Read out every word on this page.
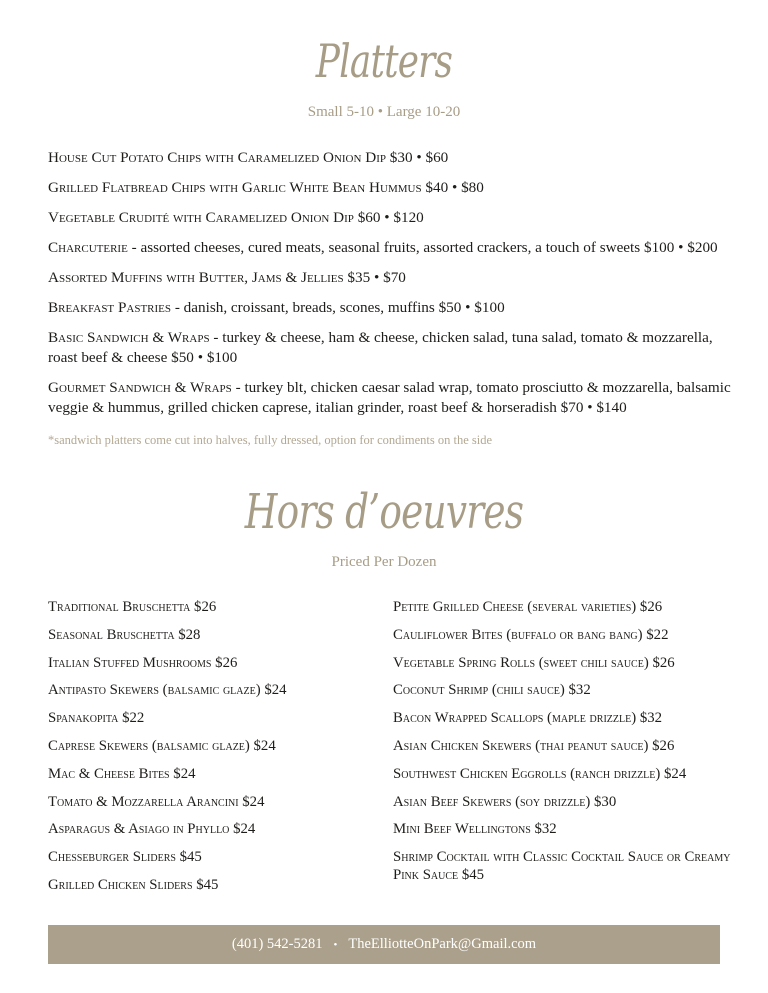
Platters
Small 5-10 • Large 10-20
House Cut Potato Chips with Caramelized Onion Dip $30 • $60
Grilled Flatbread Chips with Garlic White Bean Hummus $40 • $80
Vegetable Crudité with Caramelized Onion Dip $60 • $120
Charcuterie - assorted cheeses, cured meats, seasonal fruits, assorted crackers, a touch of sweets $100 • $200
Assorted Muffins with Butter, Jams & Jellies $35 • $70
Breakfast Pastries - danish, croissant, breads, scones, muffins $50 • $100
Basic Sandwich & Wraps - turkey & cheese, ham & cheese, chicken salad, tuna salad, tomato & mozzarella, roast beef & cheese $50 • $100
Gourmet Sandwich & Wraps - turkey blt, chicken caesar salad wrap, tomato prosciutto & mozzarella, balsamic veggie & hummus, grilled chicken caprese, italian grinder, roast beef & horseradish $70 • $140
*sandwich platters come cut into halves, fully dressed, option for condiments on the side
Hors d’oeuvres
Priced Per Dozen
Traditional Bruschetta $26
Seasonal Bruschetta $28
Italian Stuffed Mushrooms $26
Antipasto Skewers (balsamic glaze) $24
Spanakopita $22
Caprese Skewers (balsamic glaze) $24
Mac & Cheese Bites $24
Tomato & Mozzarella Arancini $24
Asparagus & Asiago in Phyllo $24
Chesseburger Sliders $45
Grilled Chicken Sliders $45
Petite Grilled Cheese (several varieties) $26
Cauliflower Bites (buffalo or bang bang) $22
Vegetable Spring Rolls (sweet chili sauce) $26
Coconut Shrimp (chili sauce) $32
Bacon Wrapped Scallops (maple drizzle) $32
Asian Chicken Skewers (thai peanut sauce) $26
Southwest Chicken Eggrolls (ranch drizzle) $24
Asian Beef Skewers (soy drizzle) $30
Mini Beef Wellingtons $32
Shrimp Cocktail with Classic Cocktail Sauce or Creamy Pink Sauce $45
(401) 542-5281 • TheElliotteOnPark@Gmail.com
